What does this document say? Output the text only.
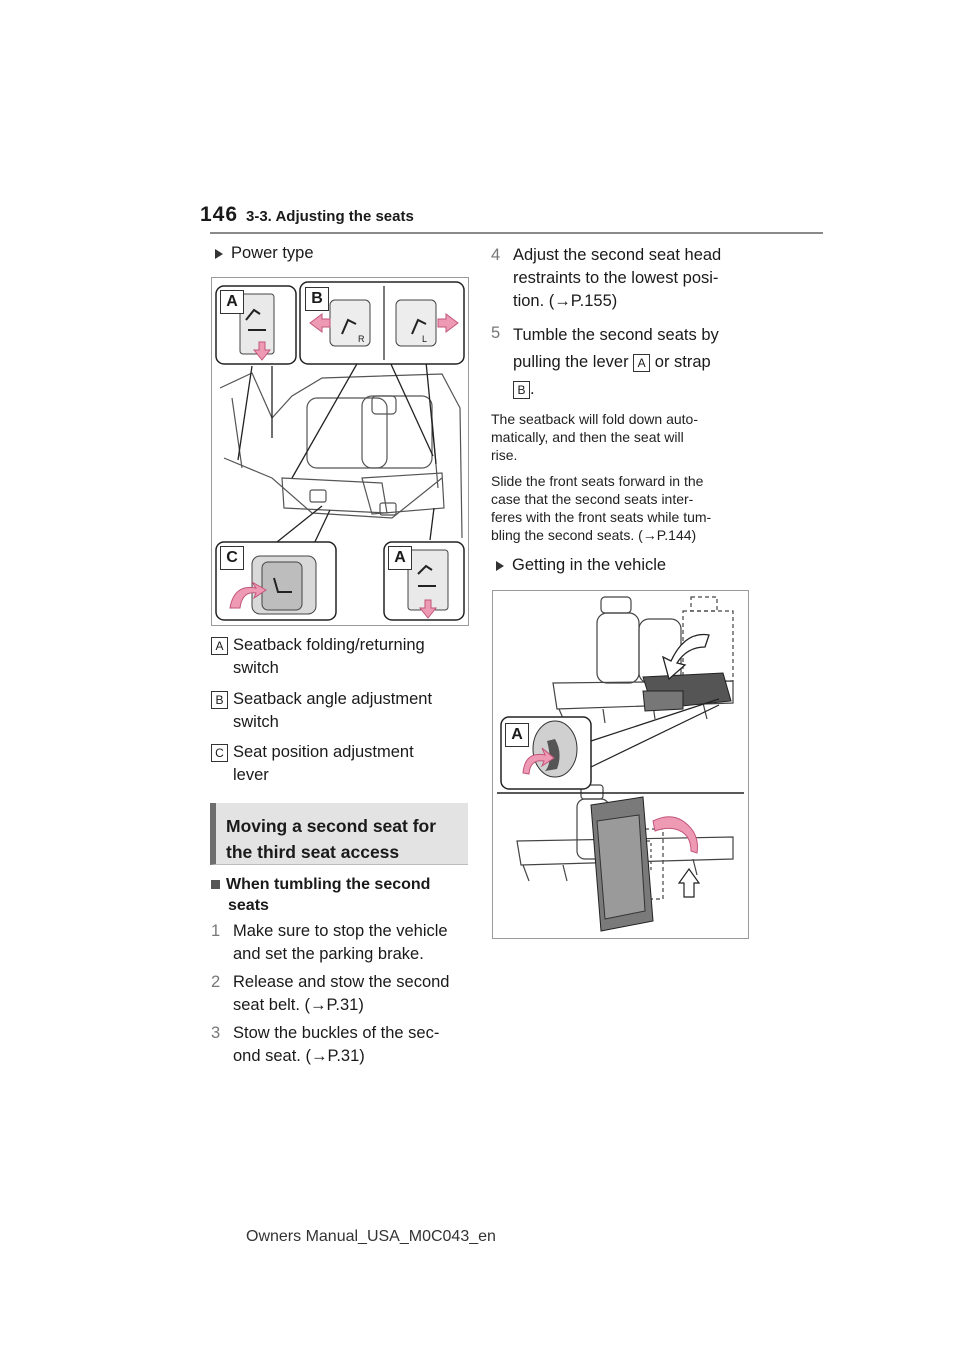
146 3-3. Adjusting the seats
Power type
A	B
C	A
R	L
A Seatback folding/returning
switch
B Seatback angle adjustment
switch
C Seat position adjustment
lever
Moving a second seat for
the third seat access
When tumbling the second
seats
1 Make sure to stop the vehicle
and set the parking brake.
2 Release and stow the second
seat belt. (→P.31)
3 Stow the buckles of the sec-
ond seat. (→P.31)
4 Adjust the second seat head
restraints to the lowest posi-
tion. (→P.155)
5 Tumble the second seats by
pulling the lever A or strap
B .
The seatback will fold down auto-
matically, and then the seat will
rise.
Slide the front seats forward in the
case that the second seats inter-
feres with the front seats while tum-
bling the second seats. (→P.144)
Getting in the vehicle
A
Owners Manual_USA_M0C043_en
